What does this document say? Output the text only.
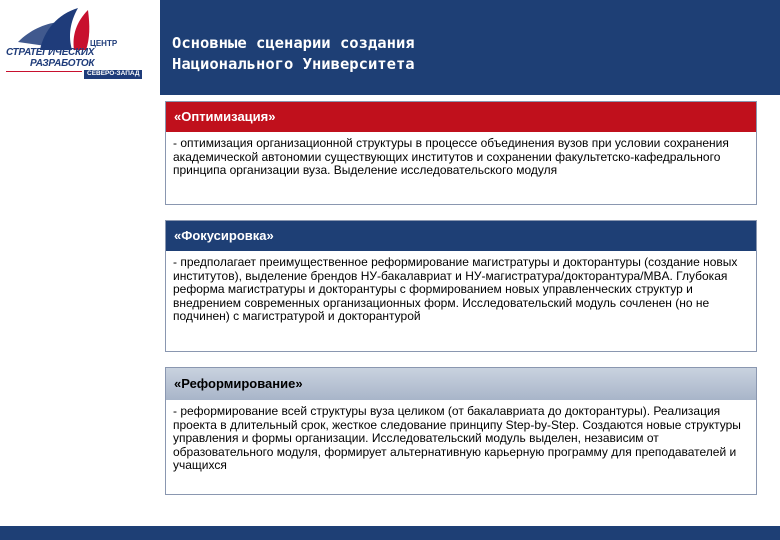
ЦЕНТР
СТРАТЕГИЧЕСКИХ
РАЗРАБОТОК
СЕВЕРО-ЗАПАД
Основные сценарии создания
Национального Университета
«Оптимизация»
- оптимизация организационной структуры в процессе объединения вузов при условии сохранения академической автономии существующих институтов и сохранении факультетско-кафедрального принципа организации вуза. Выделение исследовательского модуля
«Фокусировка»
- предполагает преимущественное реформирование магистратуры и докторантуры (создание новых институтов), выделение брендов НУ-бакалавриат и НУ-магистратура/докторантура/MBA. Глубокая реформа магистратуры и докторантуры с формированием новых управленческих структур и внедрением современных организационных форм. Исследовательский модуль сочленен (но не подчинен) с магистратурой и докторантурой
«Реформирование»
- реформирование всей структуры вуза целиком (от бакалавриата до докторантуры). Реализация проекта в длительный срок, жесткое следование принципу Step-by-Step. Создаются новые структуры управления и формы организации. Исследовательский модуль выделен, независим от образовательного модуля, формирует альтернативную карьерную программу для преподавателей и учащихся
